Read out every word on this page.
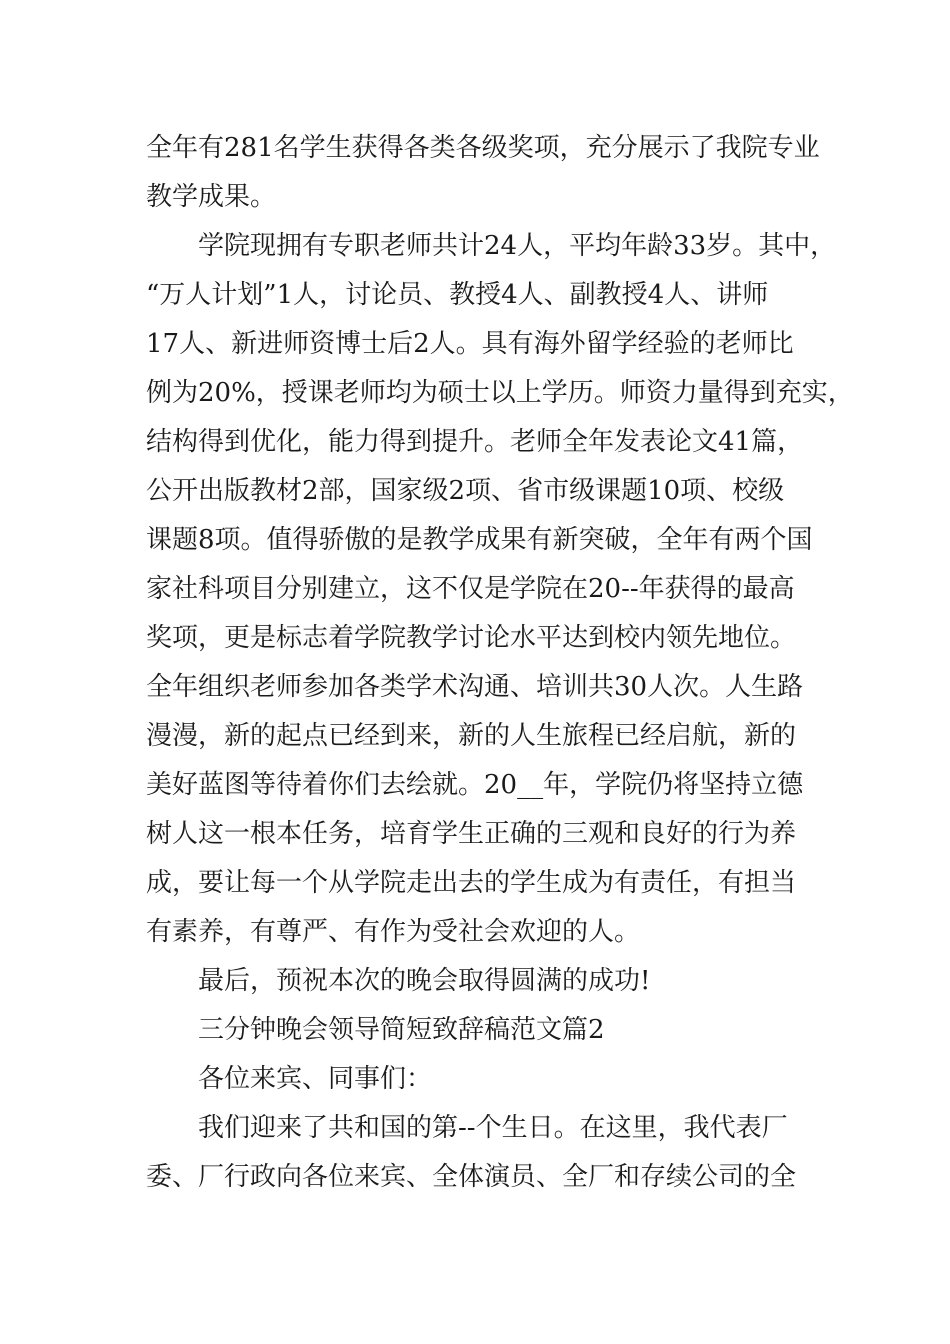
全年有281名学生获得各类各级奖项，充分展示了我院专业
教学成果。
学院现拥有专职老师共计24人，平均年龄33岁。其中，
“万人计划”1人，讨论员、教授4人、副教授4人、讲师
17人、新进师资博士后2人。具有海外留学经验的老师比
例为20%，授课老师均为硕士以上学历。师资力量得到充实，
结构得到优化，能力得到提升。老师全年发表论文41篇，
公开出版教材2部，国家级2项、省市级课题10项、校级
课题8项。值得骄傲的是教学成果有新突破，全年有两个国
家社科项目分别建立，这不仅是学院在20--年获得的最高
奖项，更是标志着学院教学讨论水平达到校内领先地位。
全年组织老师参加各类学术沟通、培训共30人次。人生路
漫漫，新的起点已经到来，新的人生旅程已经启航，新的
美好蓝图等待着你们去绘就。20__年，学院仍将坚持立德
树人这一根本任务，培育学生正确的三观和良好的行为养
成，要让每一个从学院走出去的学生成为有责任，有担当
有素养，有尊严、有作为受社会欢迎的人。
最后，预祝本次的晚会取得圆满的成功!
三分钟晚会领导简短致辞稿范文篇2
各位来宾、同事们：
我们迎来了共和国的第--个生日。在这里，我代表厂
委、厂行政向各位来宾、全体演员、全厂和存续公司的全
